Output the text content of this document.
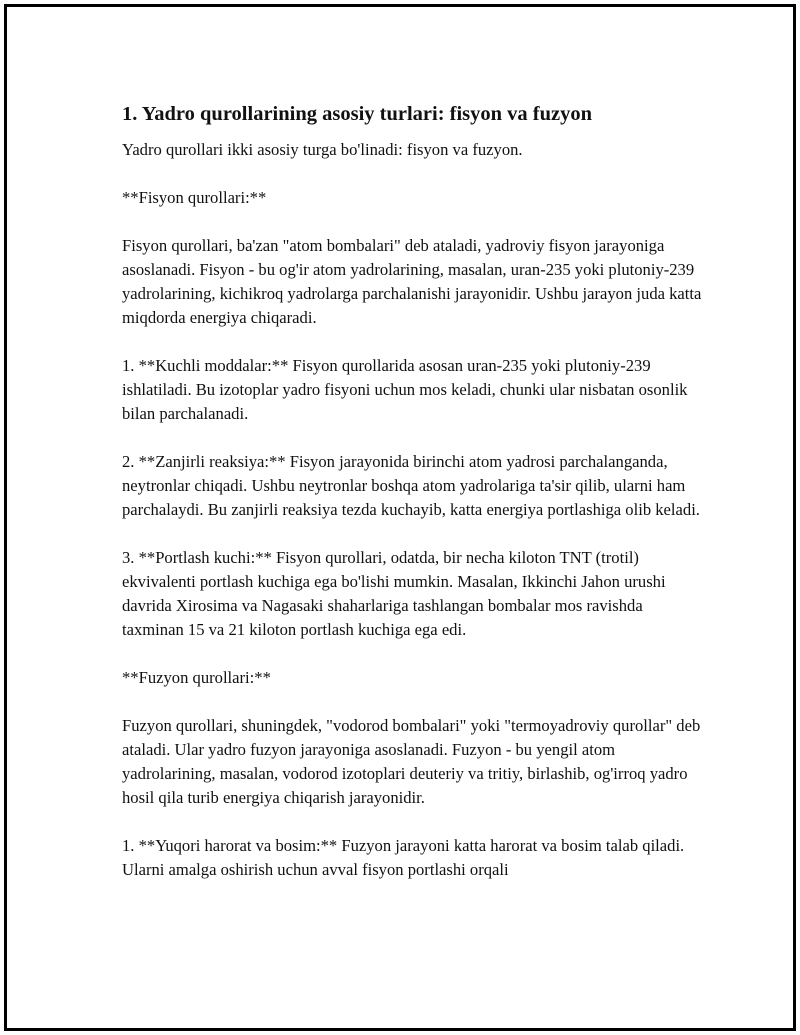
1. Yadro qurollarining asosiy turlari: fisyon va fuzyon

Yadro qurollari ikki asosiy turga bo'linadi: fisyon va fuzyon.

**Fisyon qurollari:**

Fisyon qurollari, ba'zan "atom bombalari" deb ataladi, yadroviy fisyon jarayoniga asoslanadi. Fisyon - bu og'ir atom yadrolarining, masalan, uran-235 yoki plutoniy-239 yadrolarining, kichikroq yadrolarga parchalanishi jarayonidir. Ushbu jarayon juda katta miqdorda energiya chiqaradi.

1. **Kuchli moddalar:** Fisyon qurollarida asosan uran-235 yoki plutoniy-239 ishlatiladi. Bu izotoplar yadro fisyoni uchun mos keladi, chunki ular nisbatan osonlik bilan parchalanadi.

2. **Zanjirli reaksiya:** Fisyon jarayonida birinchi atom yadrosi parchalanganda, neytronlar chiqadi. Ushbu neytronlar boshqa atom yadrolariga ta'sir qilib, ularni ham parchalaydi. Bu zanjirli reaksiya tezda kuchayib, katta energiya portlashiga olib keladi.

3. **Portlash kuchi:** Fisyon qurollari, odatda, bir necha kiloton TNT (trotil) ekvivalenti portlash kuchiga ega bo'lishi mumkin. Masalan, Ikkinchi Jahon urushi davrida Xirosima va Nagasaki shaharlariga tashlangan bombalar mos ravishda taxminan 15 va 21 kiloton portlash kuchiga ega edi.

**Fuzyon qurollari:**

Fuzyon qurollari, shuningdek, "vodorod bombalari" yoki "termoyadroviy qurollar" deb ataladi. Ular yadro fuzyon jarayoniga asoslanadi. Fuzyon - bu yengil atom yadrolarining, masalan, vodorod izotoplari deuteriy va tritiy, birlashib, og'irroq yadro hosil qila turib energiya chiqarish jarayonidir.

1. **Yuqori harorat va bosim:** Fuzyon jarayoni katta harorat va bosim talab qiladi. Ularni amalga oshirish uchun avval fisyon portlashi orqali
